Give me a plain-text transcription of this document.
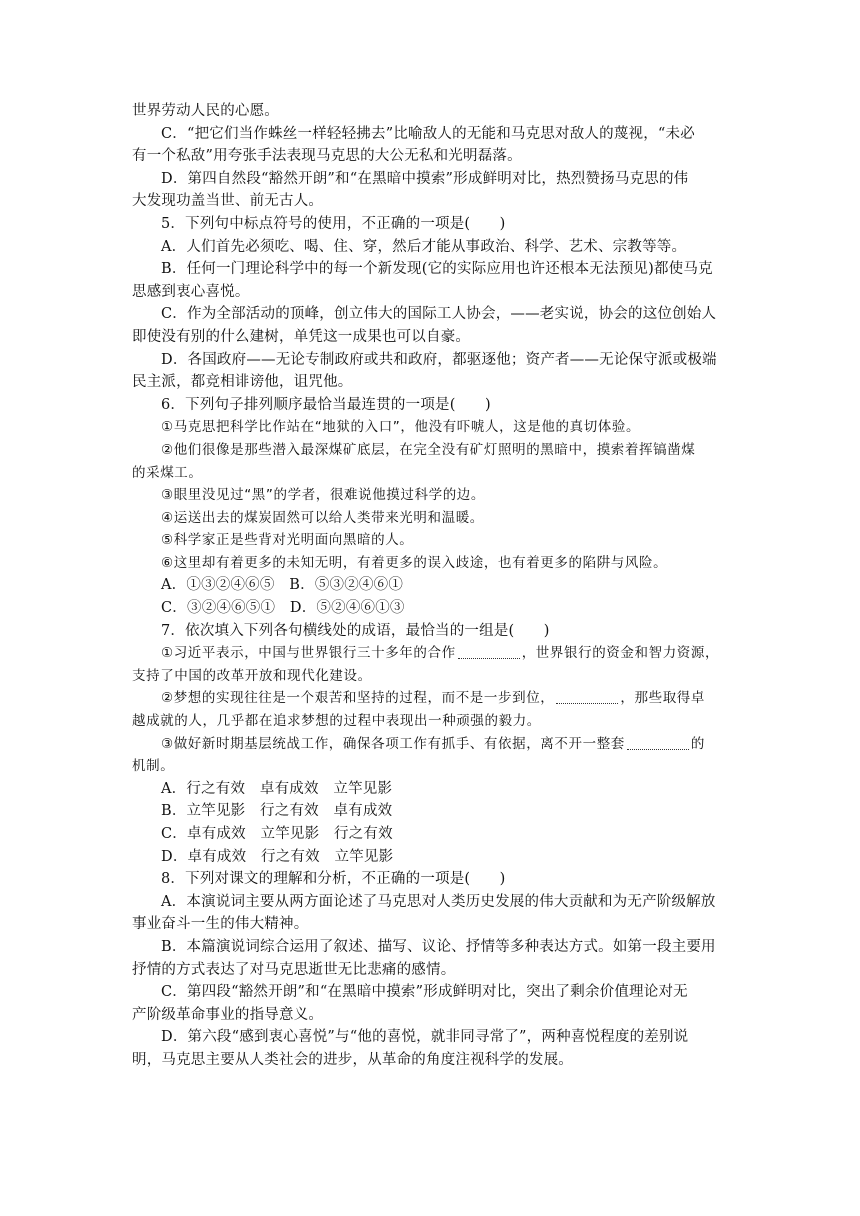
世界劳动人民的心愿。
C．“把它们当作蛛丝一样轻轻拂去”比喻敌人的无能和马克思对敌人的蔑视，“未必
有一个私敌”用夸张手法表现马克思的大公无私和光明磊落。
D．第四自然段“豁然开朗”和“在黑暗中摸索”形成鲜明对比，热烈赞扬马克思的伟
大发现功盖当世、前无古人。
5．下列句中标点符号的使用，不正确的一项是(　　)
A．人们首先必须吃、喝、住、穿，然后才能从事政治、科学、艺术、宗教等等。
B．任何一门理论科学中的每一个新发现(它的实际应用也许还根本无法预见)都使马克
思感到衷心喜悦。
C．作为全部活动的顶峰，创立伟大的国际工人协会，——老实说，协会的这位创始人
即使没有别的什么建树，单凭这一成果也可以自豪。
D．各国政府——无论专制政府或共和政府，都驱逐他；资产者——无论保守派或极端
民主派，都竞相诽谤他，诅咒他。
6．下列句子排列顺序最恰当最连贯的一项是(　　)
①马克思把科学比作站在“地狱的入口”，他没有吓唬人，这是他的真切体验。
②他们很像是那些潜入最深煤矿底层，在完全没有矿灯照明的黑暗中，摸索着挥镐凿煤
的采煤工。
③眼里没见过“黑”的学者，很难说他摸过科学的边。
④运送出去的煤炭固然可以给人类带来光明和温暖。
⑤科学家正是些背对光明面向黑暗的人。
⑥这里却有着更多的未知无明，有着更多的误入歧途，也有着更多的陷阱与风险。
A．①③②④⑥⑤　B．⑤③②④⑥①
C．③②④⑥⑤①　D．⑤②④⑥①③
7．依次填入下列各句横线处的成语，最恰当的一组是(　　)
①习近平表示，中国与世界银行三十多年的合作	，世界银行的资金和智力资源，
支持了中国的改革开放和现代化建设。
②梦想的实现往往是一个艰苦和坚持的过程，而不是一步到位，	，那些取得卓
越成就的人，几乎都在追求梦想的过程中表现出一种顽强的毅力。
③做好新时期基层统战工作，确保各项工作有抓手、有依据，离不开一整套	的
机制。
A．行之有效　卓有成效　立竿见影
B．立竿见影　行之有效　卓有成效
C．卓有成效　立竿见影　行之有效
D．卓有成效　行之有效　立竿见影
8．下列对课文的理解和分析，不正确的一项是(　　)
A．本演说词主要从两方面论述了马克思对人类历史发展的伟大贡献和为无产阶级解放
事业奋斗一生的伟大精神。
B．本篇演说词综合运用了叙述、描写、议论、抒情等多种表达方式。如第一段主要用
抒情的方式表达了对马克思逝世无比悲痛的感情。
C．第四段“豁然开朗”和“在黑暗中摸索”形成鲜明对比，突出了剩余价值理论对无
产阶级革命事业的指导意义。
D．第六段“感到衷心喜悦”与“他的喜悦，就非同寻常了”，两种喜悦程度的差别说
明，马克思主要从人类社会的进步，从革命的角度注视科学的发展。
